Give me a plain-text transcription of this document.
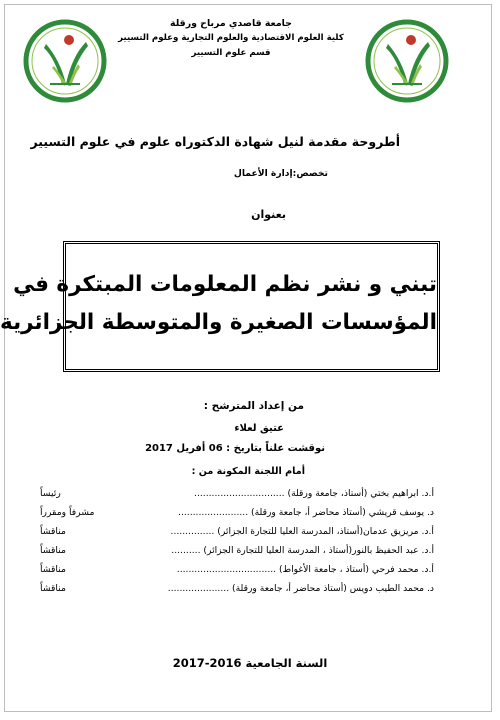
جامعة قاصدي مرباح ورقلة
كلية العلوم الاقتصادية والعلوم التجارية وعلوم التسيير
قسم علوم التسيير
أطروحة مقدمة لنيل شهادة الدكتوراه علوم في علوم التسيير
تخصص:إدارة الأعمال
بعنوان
تبني و نشر نظم المعلومات المبتكرة في
المؤسسات الصغيرة والمتوسطة الجزائرية
من إعداد المترشح :
عتيق لعلاء
نوقشت علناً بتاريخ : 06 أفريل 2017
أمام اللجنة المكونة من :
أ.د. ابراهيم بختي (أستاذ، جامعة ورقلة) ...............................
رئيساً
د. يوسف قريشي (أستاذ محاضر أ، جامعة ورقلة) ........................
مشرفاً ومقرراً
أ.د. مريزيق عدمان(أستاذ، المدرسة العليا للتجارة الجزائر) ...............
مناقشاً
أ.د. عبد الحفيظ بالنور(أستاذ ، المدرسة العليا للتجارة الجزائر) ..........
مناقشاً
أ.د. محمد فرحي (أستاذ ، جامعة الأغواط) ..................................
مناقشاً
د. محمد الطيب دويس (أستاذ محاضر أ، جامعة ورقلة) .....................
مناقشاً
السنة الجامعية 2016-2017
